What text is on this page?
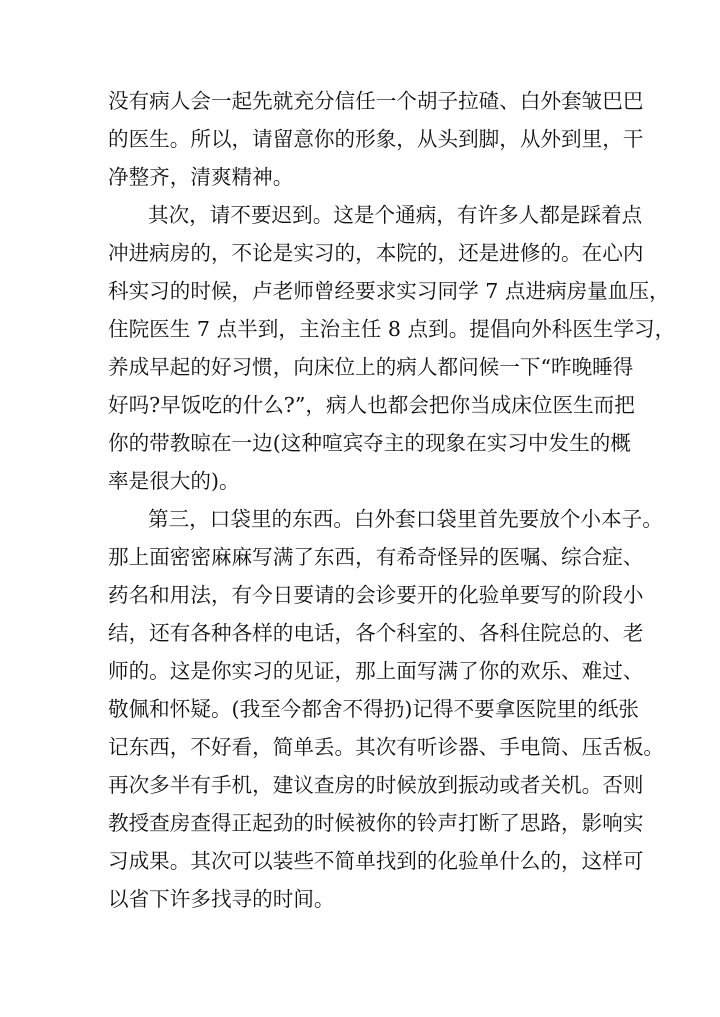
没有病人会一起先就充分信任一个胡子拉碴、白外套皱巴巴
的医生。所以，请留意你的形象，从头到脚，从外到里，干
净整齐，清爽精神。
其次，请不要迟到。这是个通病，有许多人都是踩着点
冲进病房的，不论是实习的，本院的，还是进修的。在心内
科实习的时候，卢老师曾经要求实习同学 7 点进病房量血压，
住院医生 7 点半到，主治主任 8 点到。提倡向外科医生学习，
养成早起的好习惯，向床位上的病人都问候一下“昨晚睡得
好吗?早饭吃的什么?”，病人也都会把你当成床位医生而把
你的带教晾在一边(这种喧宾夺主的现象在实习中发生的概
率是很大的)。
第三，口袋里的东西。白外套口袋里首先要放个小本子。
那上面密密麻麻写满了东西，有希奇怪异的医嘱、综合症、
药名和用法，有今日要请的会诊要开的化验单要写的阶段小
结，还有各种各样的电话，各个科室的、各科住院总的、老
师的。这是你实习的见证，那上面写满了你的欢乐、难过、
敬佩和怀疑。(我至今都舍不得扔)记得不要拿医院里的纸张
记东西，不好看，简单丢。其次有听诊器、手电筒、压舌板。
再次多半有手机，建议查房的时候放到振动或者关机。否则
教授查房查得正起劲的时候被你的铃声打断了思路，影响实
习成果。其次可以装些不简单找到的化验单什么的，这样可
以省下许多找寻的时间。
